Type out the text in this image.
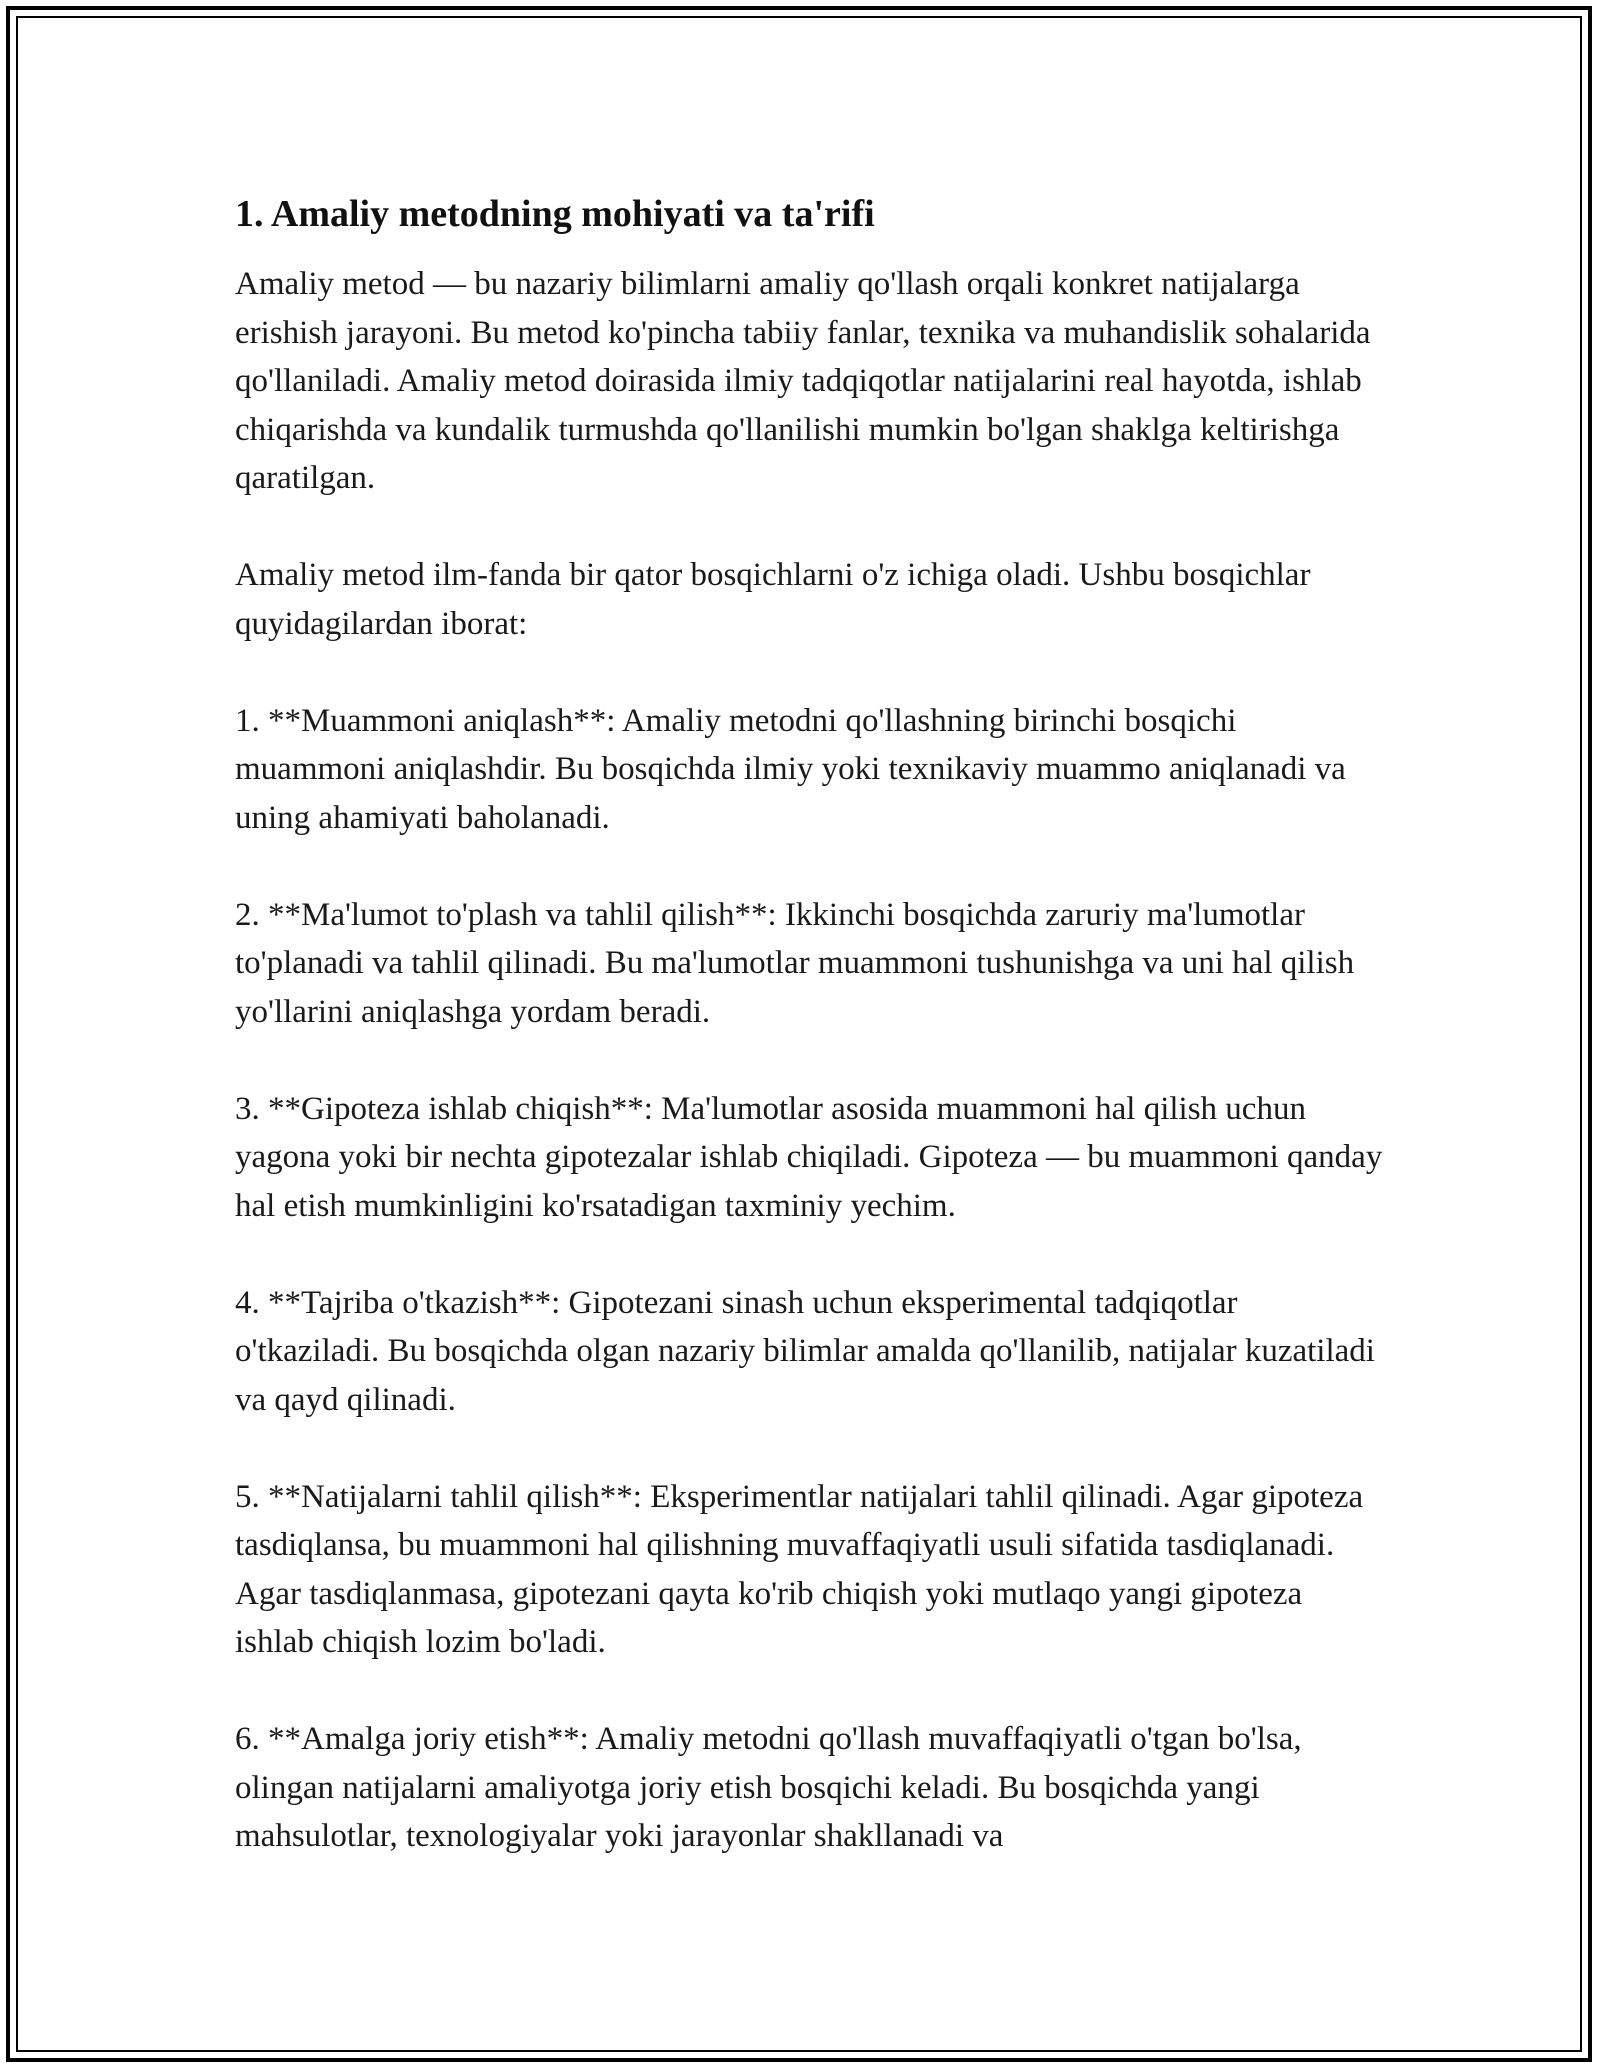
1. Amaliy metodning mohiyati va ta'rifi

Amaliy metod — bu nazariy bilimlarni amaliy qo'llash orqali konkret natijalarga erishish jarayoni. Bu metod ko'pincha tabiiy fanlar, texnika va muhandislik sohalarida qo'llaniladi. Amaliy metod doirasida ilmiy tadqiqotlar natijalarini real hayotda, ishlab chiqarishda va kundalik turmushda qo'llanilishi mumkin bo'lgan shaklga keltirishga qaratilgan.

Amaliy metod ilm-fanda bir qator bosqichlarni o'z ichiga oladi. Ushbu bosqichlar quyidagilardan iborat:

1. **Muammoni aniqlash**: Amaliy metodni qo'llashning birinchi bosqichi muammoni aniqlashdir. Bu bosqichda ilmiy yoki texnikaviy muammo aniqlanadi va uning ahamiyati baholanadi.

2. **Ma'lumot to'plash va tahlil qilish**: Ikkinchi bosqichda zaruriy ma'lumotlar to'planadi va tahlil qilinadi. Bu ma'lumotlar muammoni tushunishga va uni hal qilish yo'llarini aniqlashga yordam beradi.

3. **Gipoteza ishlab chiqish**: Ma'lumotlar asosida muammoni hal qilish uchun yagona yoki bir nechta gipotezalar ishlab chiqiladi. Gipoteza — bu muammoni qanday hal etish mumkinligini ko'rsatadigan taxminiy yechim.

4. **Tajriba o'tkazish**: Gipotezani sinash uchun eksperimental tadqiqotlar o'tkaziladi. Bu bosqichda olgan nazariy bilimlar amalda qo'llanilib, natijalar kuzatiladi va qayd qilinadi.

5. **Natijalarni tahlil qilish**: Eksperimentlar natijalari tahlil qilinadi. Agar gipoteza tasdiqlansa, bu muammoni hal qilishning muvaffaqiyatli usuli sifatida tasdiqlanadi. Agar tasdiqlanmasa, gipotezani qayta ko'rib chiqish yoki mutlaqo yangi gipoteza ishlab chiqish lozim bo'ladi.

6. **Amalga joriy etish**: Amaliy metodni qo'llash muvaffaqiyatli o'tgan bo'lsa, olingan natijalarni amaliyotga joriy etish bosqichi keladi. Bu bosqichda yangi mahsulotlar, texnologiyalar yoki jarayonlar shakllanadi va
